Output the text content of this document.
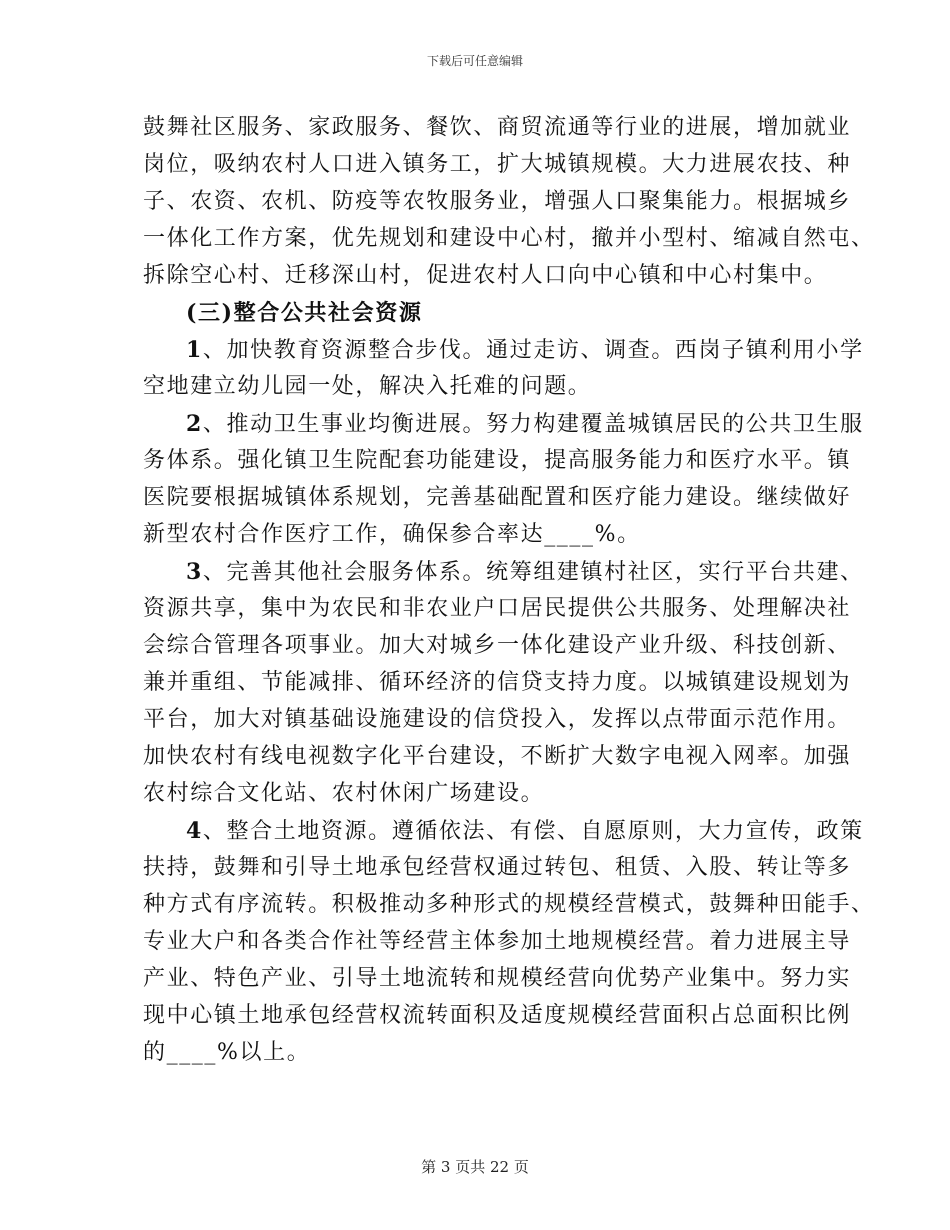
下载后可任意编辑
鼓舞社区服务、家政服务、餐饮、商贸流通等行业的进展，增加就业
岗位，吸纳农村人口进入镇务工，扩大城镇规模。大力进展农技、种
子、农资、农机、防疫等农牧服务业，增强人口聚集能力。根据城乡
一体化工作方案，优先规划和建设中心村，撤并小型村、缩减自然屯、
拆除空心村、迁移深山村，促进农村人口向中心镇和中心村集中。
(三)整合公共社会资源
1、加快教育资源整合步伐。通过走访、调查。西岗子镇利用小学
空地建立幼儿园一处，解决入托难的问题。
2、推动卫生事业均衡进展。努力构建覆盖城镇居民的公共卫生服
务体系。强化镇卫生院配套功能建设，提高服务能力和医疗水平。镇
医院要根据城镇体系规划，完善基础配置和医疗能力建设。继续做好
新型农村合作医疗工作，确保参合率达____%。
3、完善其他社会服务体系。统筹组建镇村社区，实行平台共建、
资源共享，集中为农民和非农业户口居民提供公共服务、处理解决社
会综合管理各项事业。加大对城乡一体化建设产业升级、科技创新、
兼并重组、节能减排、循环经济的信贷支持力度。以城镇建设规划为
平台，加大对镇基础设施建设的信贷投入，发挥以点带面示范作用。
加快农村有线电视数字化平台建设，不断扩大数字电视入网率。加强
农村综合文化站、农村休闲广场建设。
4、整合土地资源。遵循依法、有偿、自愿原则，大力宣传，政策
扶持，鼓舞和引导土地承包经营权通过转包、租赁、入股、转让等多
种方式有序流转。积极推动多种形式的规模经营模式，鼓舞种田能手、
专业大户和各类合作社等经营主体参加土地规模经营。着力进展主导
产业、特色产业、引导土地流转和规模经营向优势产业集中。努力实
现中心镇土地承包经营权流转面积及适度规模经营面积占总面积比例
的____%以上。
第 3 页共 22 页
